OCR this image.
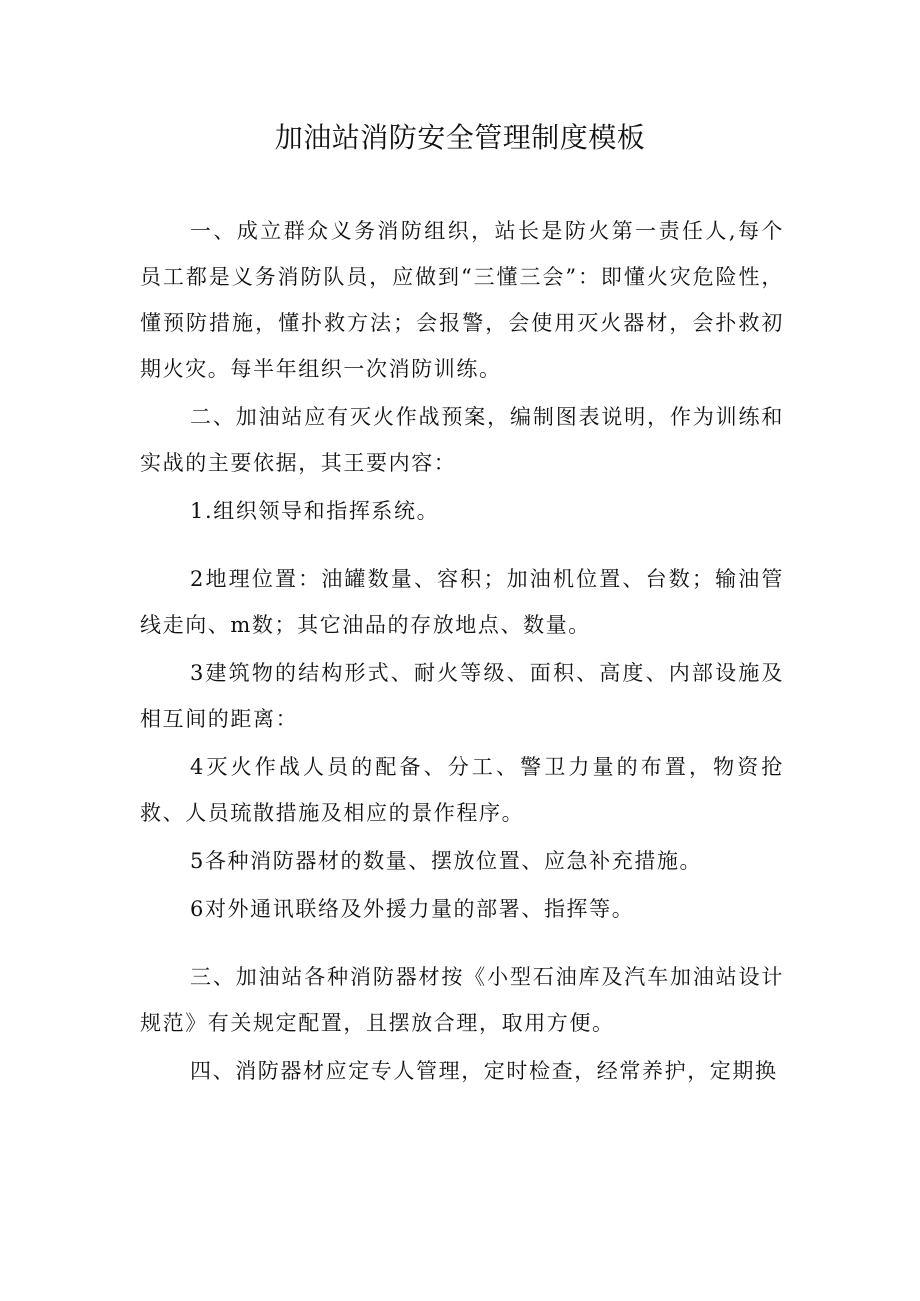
加油站消防安全管理制度模板

一、成立群众义务消防组织，站长是防火第一责任人,每个员工都是义务消防队员，应做到“三懂三会”：即懂火灾危险性，懂预防措施，懂扑救方法；会报警，会使用灭火器材，会扑救初期火灾。每半年组织一次消防训练。

二、加油站应有灭火作战预案，编制图表说明，作为训练和实战的主要依据，其王要内容：

1.组织领导和指挥系统。

2地理位置：油罐数量、容积；加油机位置、台数；输油管线走向、m数；其它油品的存放地点、数量。

3建筑物的结构形式、耐火等级、面积、高度、内部设施及相互间的距离：

4灭火作战人员的配备、分工、警卫力量的布置，物资抢救、人员琉散措施及相应的景作程序。

5各种消防器材的数量、摆放位置、应急补充措施。

6对外通讯联络及外援力量的部署、指挥等。

三、加油站各种消防器材按《小型石油库及汽车加油站设计规范》有关规定配置，且摆放合理，取用方便。

四、消防器材应定专人管理，定时检查，经常养护，定期换
